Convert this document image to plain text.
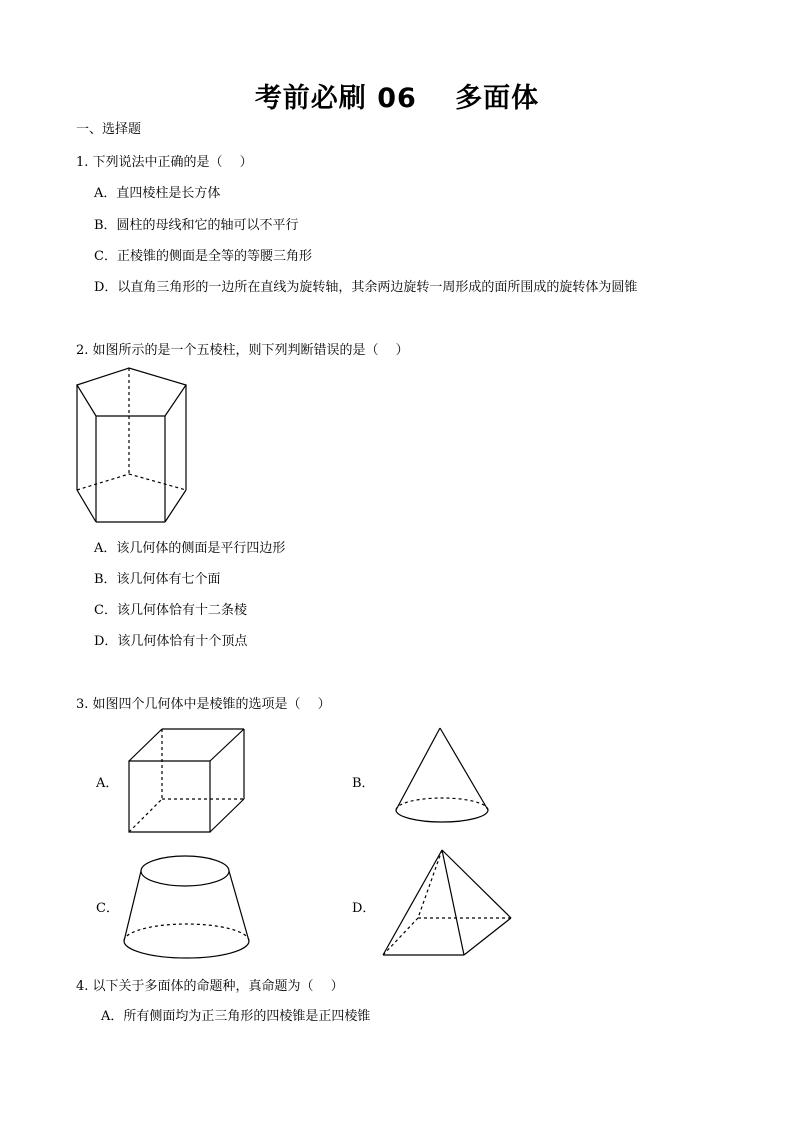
考前必刷 06　 多面体
一、选择题
1. 下列说法中正确的是（　 ）
A．直四棱柱是长方体
B．圆柱的母线和它的轴可以不平行
C．正棱锥的侧面是全等的等腰三角形
D．以直角三角形的一边所在直线为旋转轴，其余两边旋转一周形成的面所围成的旋转体为圆锥
2. 如图所示的是一个五棱柱，则下列判断错误的是（　 ）
A．该几何体的侧面是平行四边形
B．该几何体有七个面
C．该几何体恰有十二条棱
D．该几何体恰有十个顶点
3. 如图四个几何体中是棱锥的选项是（　 ）
A．	B．
C．	D．
4. 以下关于多面体的命题种，真命题为（　 ）
A．所有侧面均为正三角形的四棱锥是正四棱锥
